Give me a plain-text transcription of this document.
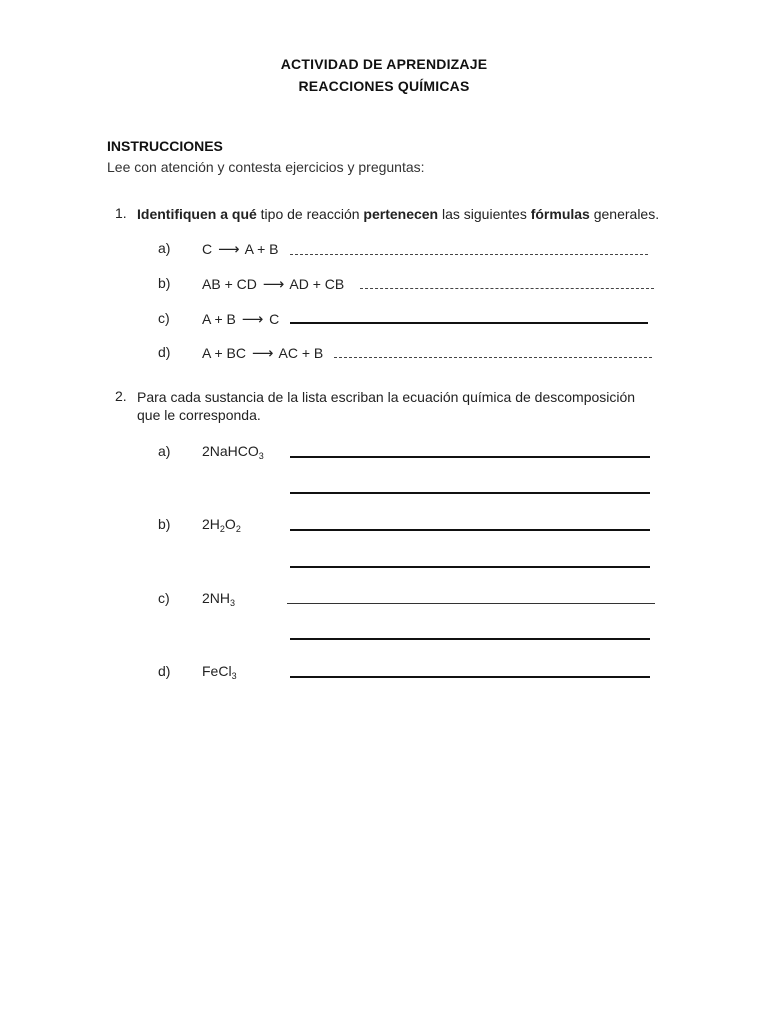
ACTIVIDAD DE APRENDIZAJE
REACCIONES QUÍMICAS
INSTRUCCIONES
Lee con atención y contesta ejercicios y preguntas:
1. Identifiquen a qué tipo de reacción pertenecen las siguientes fórmulas generales.
a) C ⟶ A + B
b) AB + CD ⟶ AD + CB
c) A + B ⟶ C
d) A + BC ⟶ AC + B
2. Para cada sustancia de la lista escriban la ecuación química de descomposición
que le corresponda.
a) 2NaHCO$_3$
b) $2H_2O_2$
c) $2NH_3$
d) FeCl$_3$
